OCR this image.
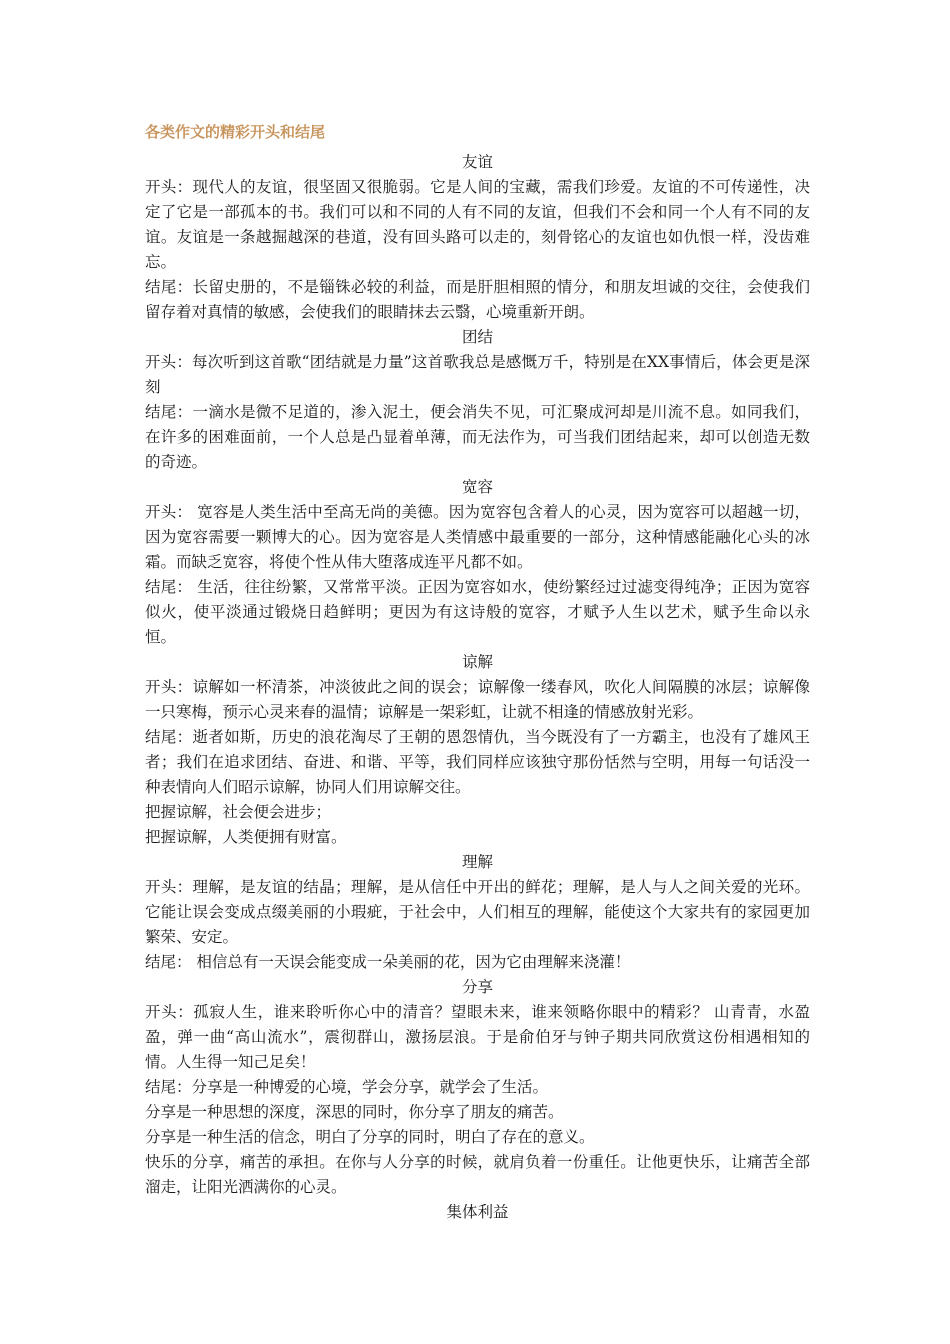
各类作文的精彩开头和结尾

友谊

开头：现代人的友谊，很坚固又很脆弱。它是人间的宝藏，需我们珍爱。友谊的不可传递性，决定了它是一部孤本的书。我们可以和不同的人有不同的友谊，但我们不会和同一个人有不同的友谊。友谊是一条越掘越深的巷道，没有回头路可以走的，刻骨铭心的友谊也如仇恨一样，没齿难忘。

结尾：长留史册的，不是锱铢必较的利益，而是肝胆相照的情分，和朋友坦诚的交往，会使我们留存着对真情的敏感，会使我们的眼睛抹去云翳，心境重新开朗。

团结

开头：每次听到这首歌“团结就是力量”这首歌我总是感慨万千，特别是在XX事情后，体会更是深刻

结尾：一滴水是微不足道的，渗入泥土，便会消失不见，可汇聚成河却是川流不息。如同我们，在许多的困难面前，一个人总是凸显着单薄，而无法作为，可当我们团结起来，却可以创造无数的奇迹。

宽容

开头： 宽容是人类生活中至高无尚的美德。因为宽容包含着人的心灵，因为宽容可以超越一切，因为宽容需要一颗博大的心。因为宽容是人类情感中最重要的一部分，这种情感能融化心头的冰霜。而缺乏宽容，将使个性从伟大堕落成连平凡都不如。

结尾： 生活，往往纷繁，又常常平淡。正因为宽容如水，使纷繁经过过滤变得纯净；正因为宽容似火，使平淡通过锻烧日趋鲜明；更因为有这诗般的宽容，才赋予人生以艺术，赋予生命以永恒。

谅解

开头：谅解如一杯清茶，冲淡彼此之间的误会；谅解像一缕春风，吹化人间隔膜的冰层；谅解像一只寒梅，预示心灵来春的温情；谅解是一架彩虹，让就不相逢的情感放射光彩。

结尾：逝者如斯，历史的浪花淘尽了王朝的恩怨情仇，当今既没有了一方霸主，也没有了雄风王者；我们在追求团结、奋进、和谐、平等，我们同样应该独守那份恬然与空明，用每一句话没一种表情向人们昭示谅解，协同人们用谅解交往。

把握谅解，社会便会进步；

把握谅解，人类便拥有财富。

理解

开头：理解，是友谊的结晶；理解，是从信任中开出的鲜花；理解，是人与人之间关爱的光环。它能让误会变成点缀美丽的小瑕疵，于社会中，人们相互的理解，能使这个大家共有的家园更加繁荣、安定。

结尾： 相信总有一天误会能变成一朵美丽的花，因为它由理解来浇灌！

分享

开头：孤寂人生，谁来聆听你心中的清音？望眼未来，谁来领略你眼中的精彩？ 山青青，水盈盈，弹一曲“高山流水”，震彻群山，激扬层浪。于是俞伯牙与钟子期共同欣赏这份相遇相知的情。人生得一知己足矣！

结尾：分享是一种博爱的心境，学会分享，就学会了生活。

分享是一种思想的深度，深思的同时，你分享了朋友的痛苦。

分享是一种生活的信念，明白了分享的同时，明白了存在的意义。

快乐的分享，痛苦的承担。在你与人分享的时候，就肩负着一份重任。让他更快乐，让痛苦全部溜走，让阳光洒满你的心灵。

集体利益
